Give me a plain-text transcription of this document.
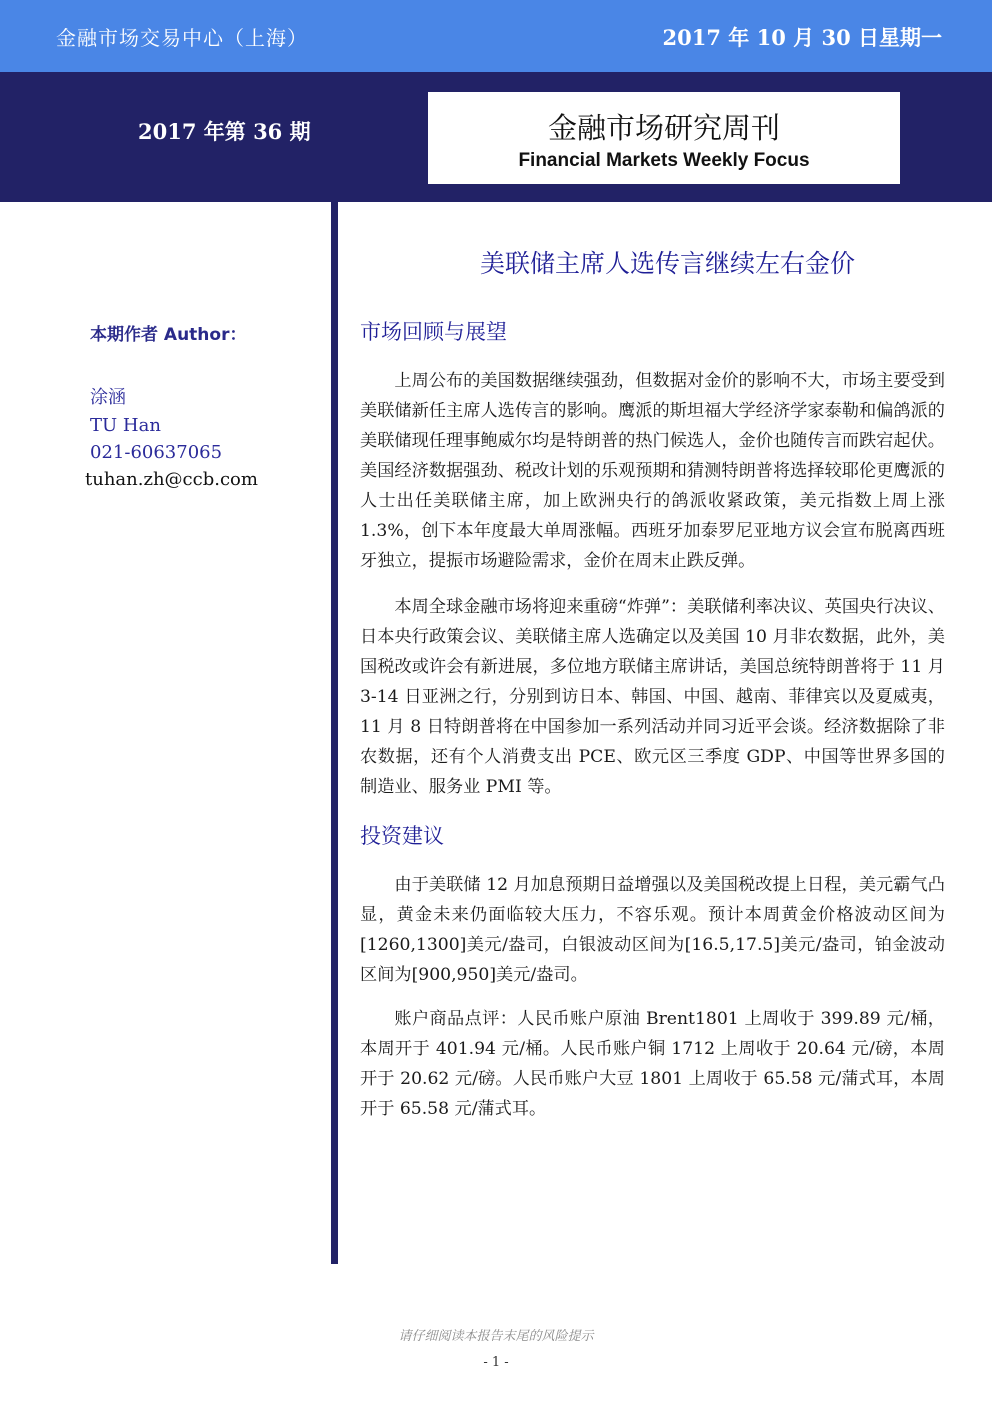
金融市场交易中心（上海）	2017 年 10 月 30 日星期一
2017 年第 36 期	金融市场研究周刊
Financial Markets Weekly Focus
本期作者 Author：
涂涵
TU Han
021-60637065
tuhan.zh@ccb.com
美联储主席人选传言继续左右金价
市场回顾与展望

上周公布的美国数据继续强劲，但数据对金价的影响不大，市场主要受到美联储新任主席人选传言的影响。鹰派的斯坦福大学经济学家泰勒和偏鸽派的美联储现任理事鲍威尔均是特朗普的热门候选人，金价也随传言而跌宕起伏。美国经济数据强劲、税改计划的乐观预期和猜测特朗普将选择较耶伦更鹰派的人士出任美联储主席，加上欧洲央行的鸽派收紧政策，美元指数上周上涨 1.3%，创下本年度最大单周涨幅。西班牙加泰罗尼亚地方议会宣布脱离西班牙独立，提振市场避险需求，金价在周末止跌反弹。

本周全球金融市场将迎来重磅“炸弹”：美联储利率决议、英国央行决议、日本央行政策会议、美联储主席人选确定以及美国 10 月非农数据，此外，美国税改或许会有新进展，多位地方联储主席讲话，美国总统特朗普将于 11 月 3-14 日亚洲之行，分别到访日本、韩国、中国、越南、菲律宾以及夏威夷，11 月 8 日特朗普将在中国参加一系列活动并同习近平会谈。经济数据除了非农数据，还有个人消费支出 PCE、欧元区三季度 GDP、中国等世界多国的制造业、服务业 PMI 等。

投资建议

由于美联储 12 月加息预期日益增强以及美国税改提上日程，美元霸气凸显，黄金未来仍面临较大压力，不容乐观。预计本周黄金价格波动区间为[1260,1300]美元/盎司，白银波动区间为[16.5,17.5]美元/盎司，铂金波动区间为[900,950]美元/盎司。

账户商品点评：人民币账户原油 Brent1801 上周收于 399.89 元/桶，本周开于 401.94 元/桶。人民币账户铜 1712 上周收于 20.64 元/磅，本周开于 20.62 元/磅。人民币账户大豆 1801 上周收于 65.58 元/蒲式耳，本周开于 65.58 元/蒲式耳。

请仔细阅读本报告末尾的风险提示
- 1 -
